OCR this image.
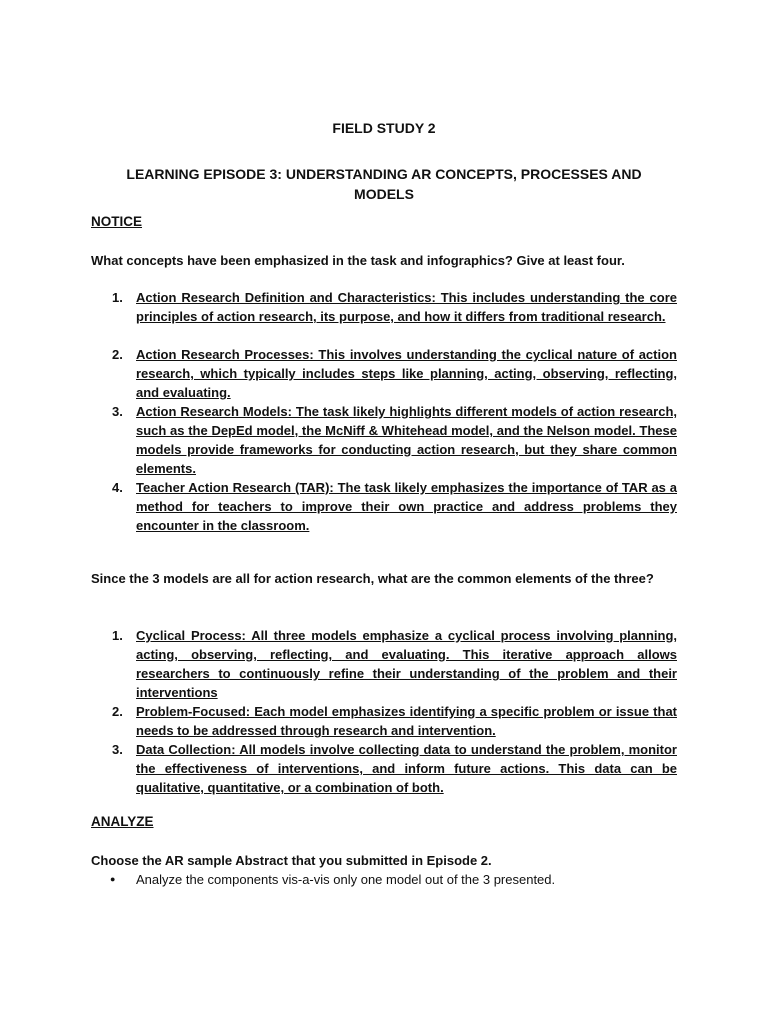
FIELD STUDY 2
LEARNING EPISODE 3: UNDERSTANDING AR CONCEPTS, PROCESSES AND MODELS
NOTICE
What concepts have been emphasized in the task and infographics? Give at least four.
Action Research Definition and Characteristics: This includes understanding the core principles of action research, its purpose, and how it differs from traditional research.
Action Research Processes: This involves understanding the cyclical nature of action research, which typically includes steps like planning, acting, observing, reflecting, and evaluating.
Action Research Models: The task likely highlights different models of action research, such as the DepEd model, the McNiff & Whitehead model, and the Nelson model. These models provide frameworks for conducting action research, but they share common elements.
Teacher Action Research (TAR): The task likely emphasizes the importance of TAR as a method for teachers to improve their own practice and address problems they encounter in the classroom.
Since the 3 models are all for action research, what are the common elements of the three?
Cyclical Process: All three models emphasize a cyclical process involving planning, acting, observing, reflecting, and evaluating. This iterative approach allows researchers to continuously refine their understanding of the problem and their interventions
Problem-Focused: Each model emphasizes identifying a specific problem or issue that needs to be addressed through research and intervention.
Data Collection: All models involve collecting data to understand the problem, monitor the effectiveness of interventions, and inform future actions. This data can be qualitative, quantitative, or a combination of both.
ANALYZE
Choose the AR sample Abstract that you submitted in Episode 2.
● Analyze the components vis-a-vis only one model out of the 3 presented.
